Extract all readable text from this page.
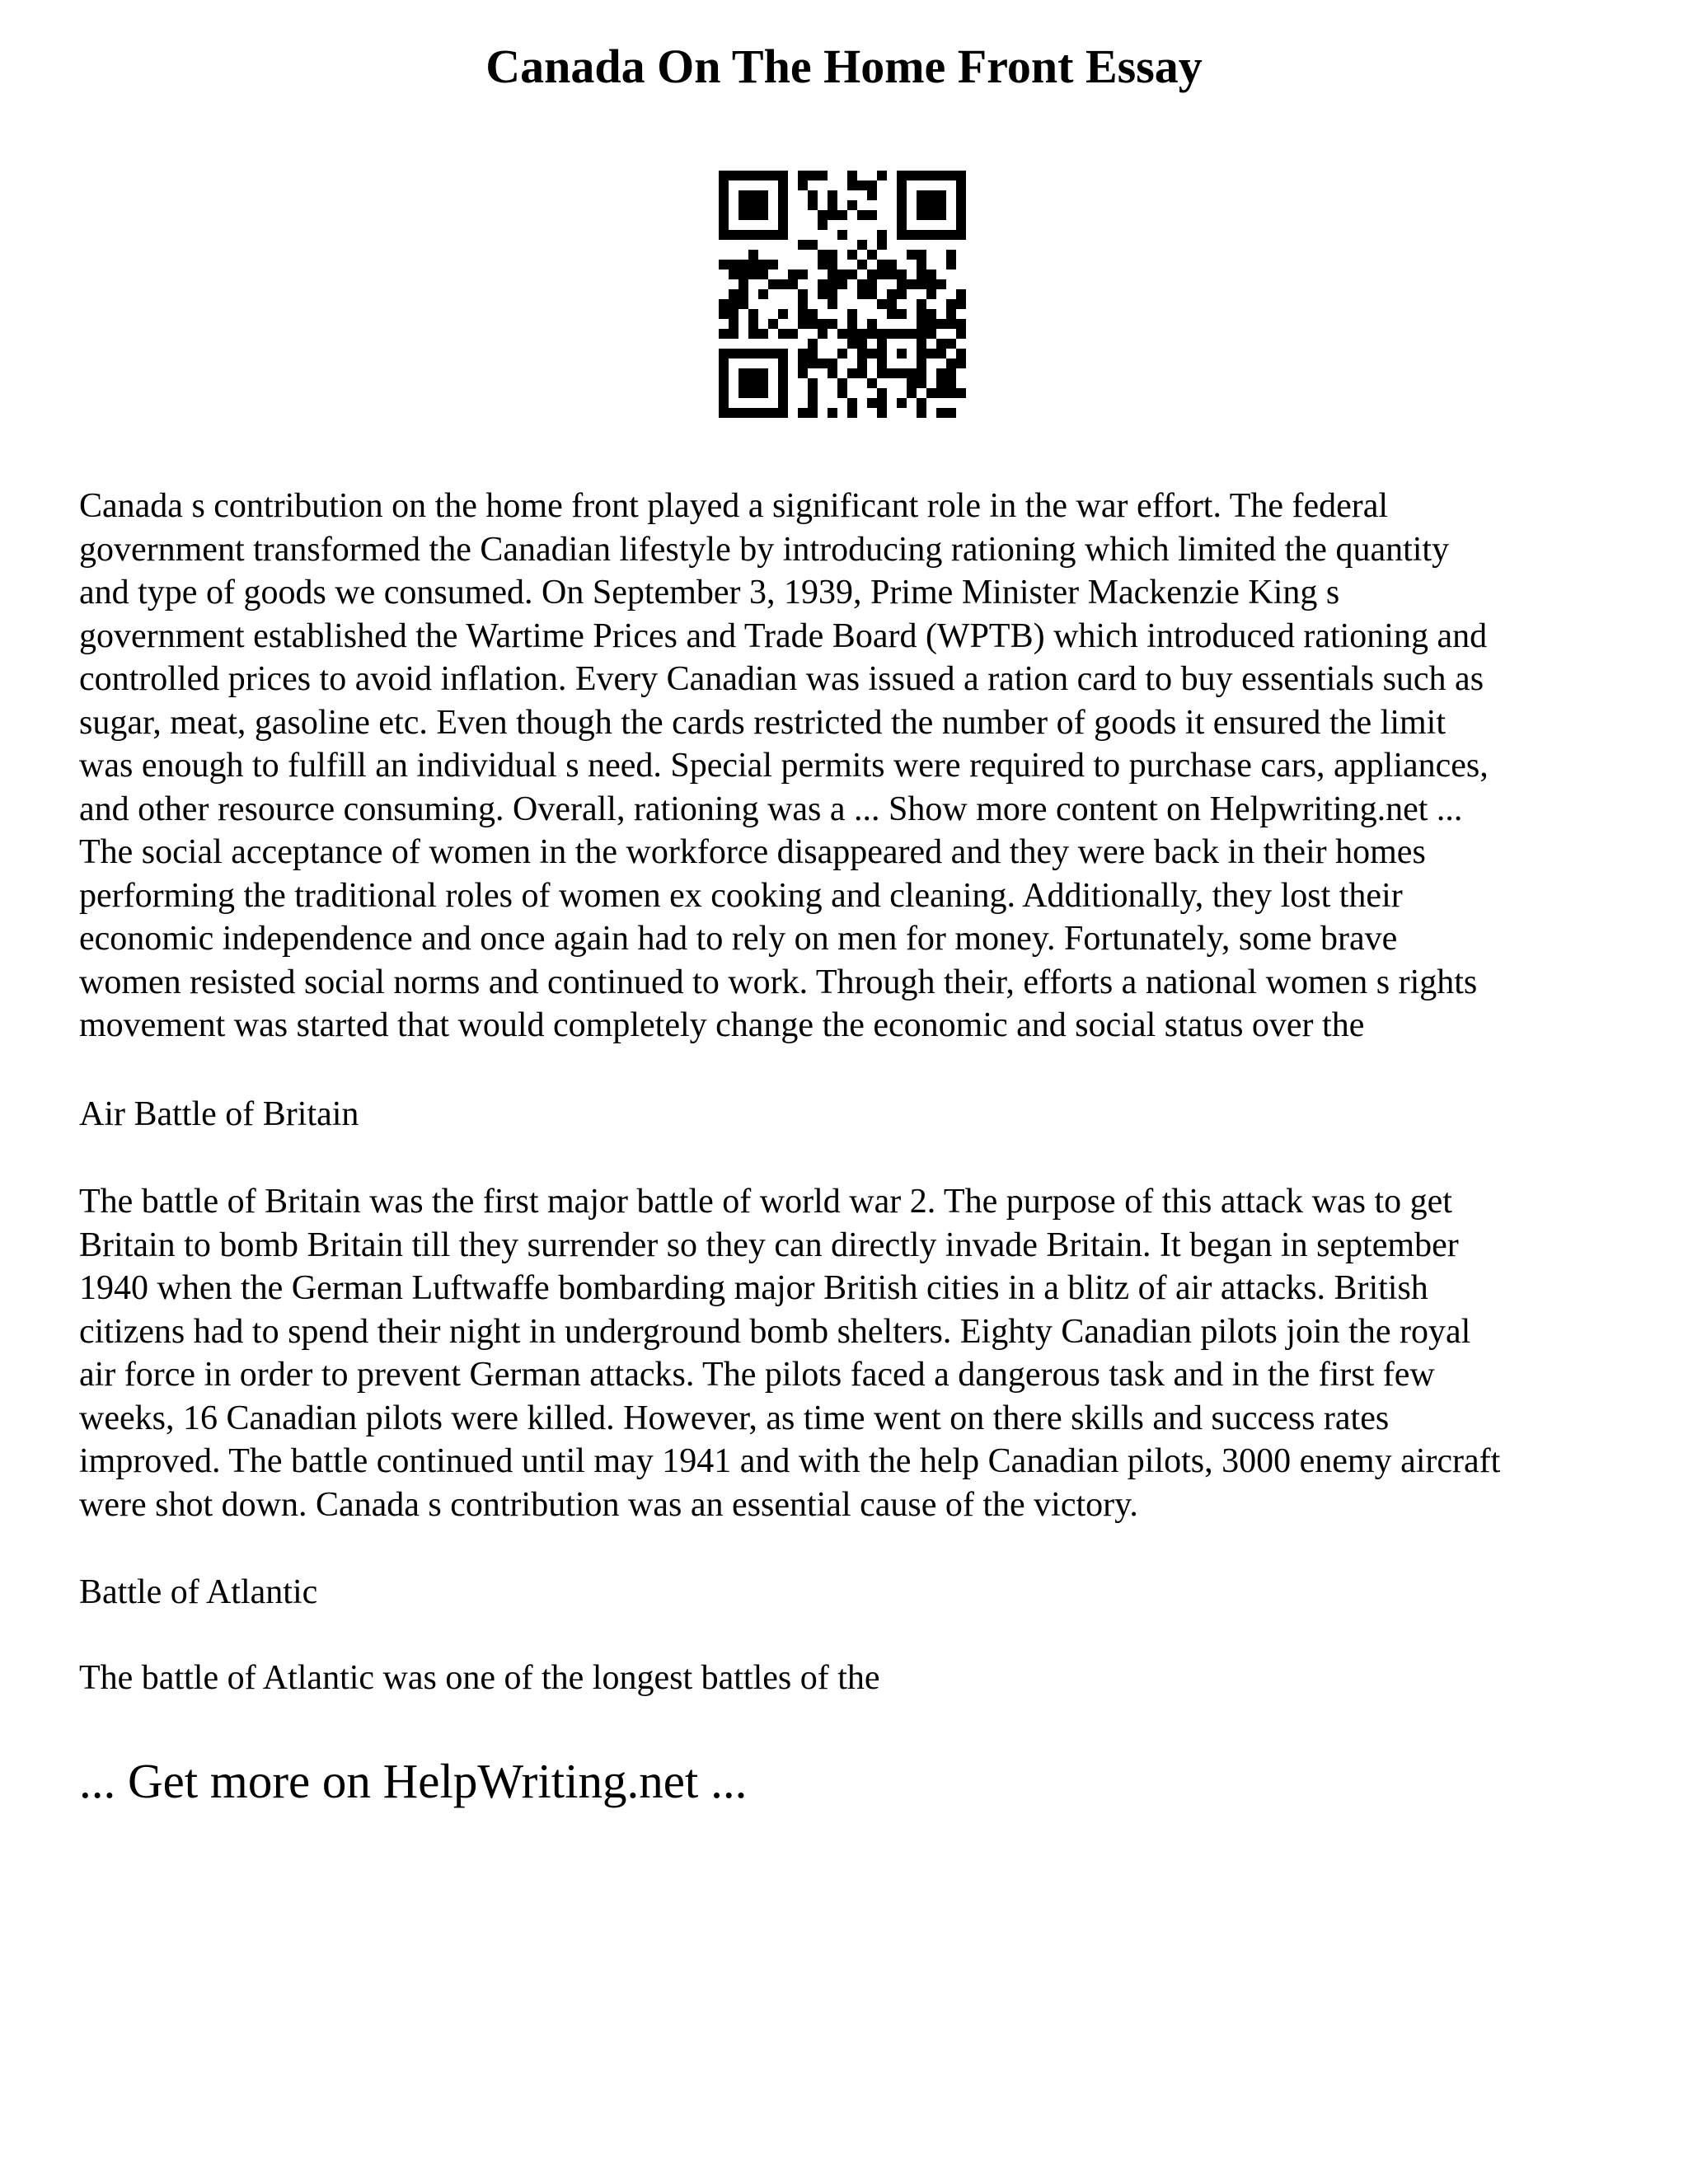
Canada On The Home Front Essay
Canada s contribution on the home front played a significant role in the war effort. The federal
government transformed the Canadian lifestyle by introducing rationing which limited the quantity
and type of goods we consumed. On September 3, 1939, Prime Minister Mackenzie King s
government established the Wartime Prices and Trade Board (WPTB) which introduced rationing and
controlled prices to avoid inflation. Every Canadian was issued a ration card to buy essentials such as
sugar, meat, gasoline etc. Even though the cards restricted the number of goods it ensured the limit
was enough to fulfill an individual s need. Special permits were required to purchase cars, appliances,
and other resource consuming. Overall, rationing was a ... Show more content on Helpwriting.net ...
The social acceptance of women in the workforce disappeared and they were back in their homes
performing the traditional roles of women ex cooking and cleaning. Additionally, they lost their
economic independence and once again had to rely on men for money. Fortunately, some brave
women resisted social norms and continued to work. Through their, efforts a national women s rights
movement was started that would completely change the economic and social status over the
Air Battle of Britain
The battle of Britain was the first major battle of world war 2. The purpose of this attack was to get
Britain to bomb Britain till they surrender so they can directly invade Britain. It began in september
1940 when the German Luftwaffe bombarding major British cities in a blitz of air attacks. British
citizens had to spend their night in underground bomb shelters. Eighty Canadian pilots join the royal
air force in order to prevent German attacks. The pilots faced a dangerous task and in the first few
weeks, 16 Canadian pilots were killed. However, as time went on there skills and success rates
improved. The battle continued until may 1941 and with the help Canadian pilots, 3000 enemy aircraft
were shot down. Canada s contribution was an essential cause of the victory.
Battle of Atlantic
The battle of Atlantic was one of the longest battles of the
... Get more on HelpWriting.net ...
